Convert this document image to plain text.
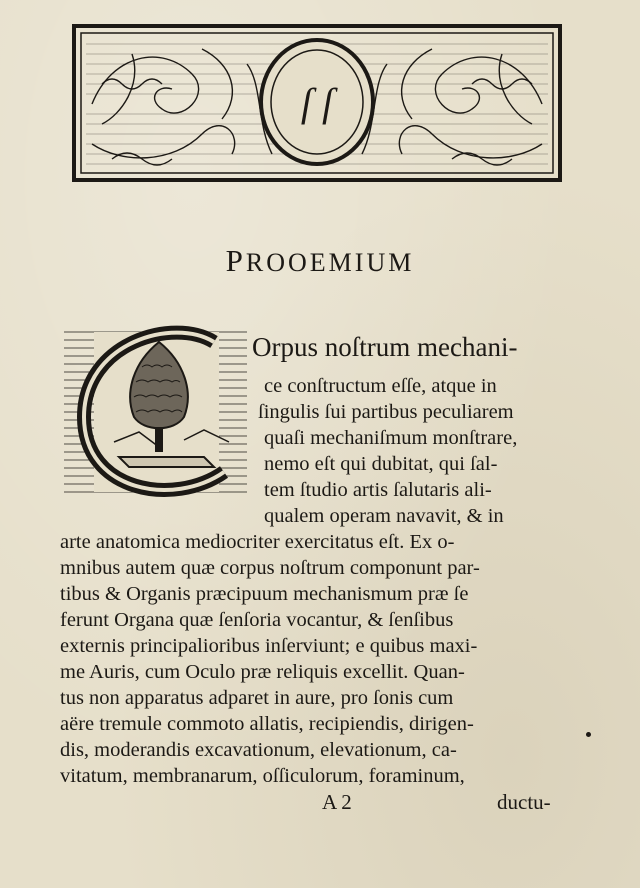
ſ ſ
PROOEMIUM
Orpus noſtrum mechani-
ce conſtructum eſſe, atque in
ſingulis ſui partibus peculiarem
quaſi mechaniſmum monſtrare,
nemo eſt qui dubitat, qui ſal-
tem ſtudio artis ſalutaris ali-
qualem operam navavit, & in
arte anatomica mediocriter exercitatus eſt. Ex o-
mnibus autem quæ corpus noſtrum componunt par-
tibus & Organis præcipuum mechanismum præ ſe
ferunt Organa quæ ſenſoria vocantur, & ſenſibus
externis principalioribus inſerviunt; e quibus maxi-
me Auris, cum Oculo præ reliquis excellit. Quan-
tus non apparatus adparet in aure, pro ſonis cum
aëre tremule commoto allatis, recipiendis, dirigen-
dis, moderandis excavationum, elevationum, ca-
vitatum, membranarum, oſſiculorum, foraminum,
A 2	ductu-
